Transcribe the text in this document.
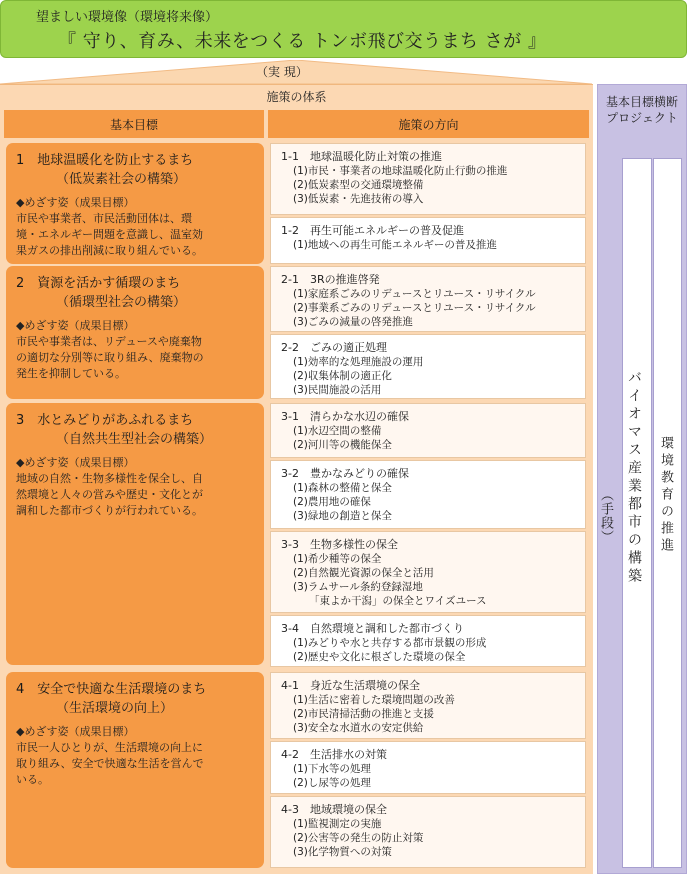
望ましい環境像（環境将来像）
『 守り、育み、未来をつくる トンボ飛び交うまち さが 』
（実 現）
施策の体系
基本目標	施策の方向
1　地球温暖化を防止するまち
（低炭素社会の構築）
◆めざす姿（成果目標）
市民や事業者、市民活動団体は、環
境・エネルギー問題を意識し、温室効
果ガスの排出削減に取り組んでいる。
2　資源を活かす循環のまち
（循環型社会の構築）
◆めざす姿（成果目標）
市民や事業者は、リデュースや廃棄物
の適切な分別等に取り組み、廃棄物の
発生を抑制している。
3　水とみどりがあふれるまち
（自然共生型社会の構築）
◆めざす姿（成果目標）
地域の自然・生物多様性を保全し、自
然環境と人々の営みや歴史・文化とが
調和した都市づくりが行われている。
4　安全で快適な生活環境のまち
（生活環境の向上）
◆めざす姿（成果目標）
市民一人ひとりが、生活環境の向上に
取り組み、安全で快適な生活を営んで
いる。
1-1　地球温暖化防止対策の推進
(1)市民・事業者の地球温暖化防止行動の推進
(2)低炭素型の交通環境整備
(3)低炭素・先進技術の導入
1-2　再生可能エネルギーの普及促進
(1)地域への再生可能エネルギーの普及推進
2-1　3Rの推進啓発
(1)家庭系ごみのリデュースとリユース・リサイクル
(2)事業系ごみのリデュースとリユース・リサイクル
(3)ごみの減量の啓発推進
2-2　ごみの適正処理
(1)効率的な処理施設の運用
(2)収集体制の適正化
(3)民間施設の活用
3-1　清らかな水辺の確保
(1)水辺空間の整備
(2)河川等の機能保全
3-2　豊かなみどりの確保
(1)森林の整備と保全
(2)農用地の確保
(3)緑地の創造と保全
3-3　生物多様性の保全
(1)希少種等の保全
(2)自然観光資源の保全と活用
(3)ラムサール条約登録湿地
「東よか干潟」の保全とワイズユース
3-4　自然環境と調和した都市づくり
(1)みどりや水と共存する都市景観の形成
(2)歴史や文化に根ざした環境の保全
4-1　身近な生活環境の保全
(1)生活に密着した環境問題の改善
(2)市民清掃活動の推進と支援
(3)安全な水道水の安定供給
4-2　生活排水の対策
(1)下水等の処理
(2)し尿等の処理
4-3　地域環境の保全
(1)監視測定の実施
(2)公害等の発生の防止対策
(3)化学物質への対策
基本目標横断
プロジェクト
（手段） バイオマス産業都市の構築 環境教育の推進
